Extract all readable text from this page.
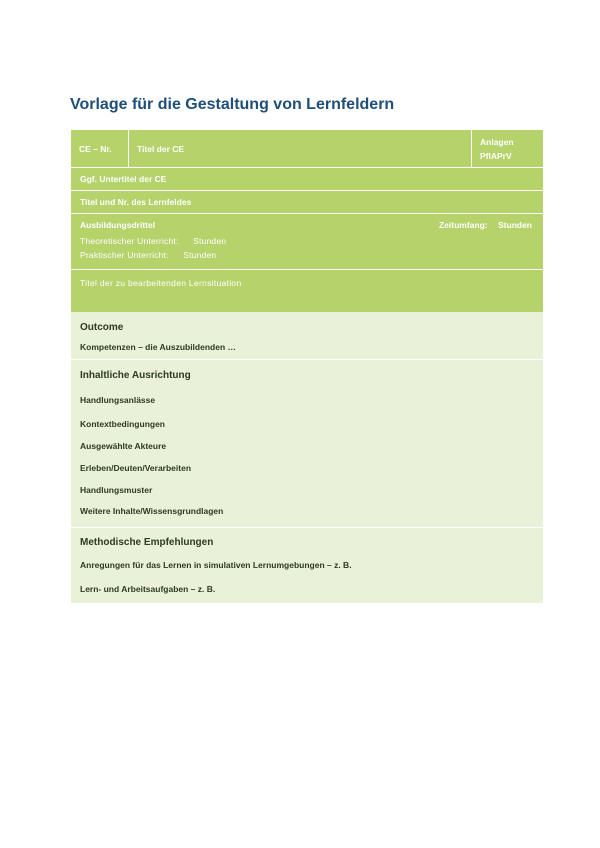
Vorlage für die Gestaltung von Lernfeldern
CE – Nr.	Titel der CE
Anlagen
PflAPrV
Ggf. Untertitel der CE
Titel und Nr. des Lernfeldes
Ausbildungsdrittel	Zeitumfang: Stunden
Theoretischer Unterricht: Stunden
Praktischer Unterricht: Stunden
Titel der zu bearbeitenden Lernsituation
Outcome
Kompetenzen – die Auszubildenden …
Inhaltliche Ausrichtung
Handlungsanlässe
Kontextbedingungen
Ausgewählte Akteure
Erleben/Deuten/Verarbeiten
Handlungsmuster
Weitere Inhalte/Wissensgrundlagen
Methodische Empfehlungen
Anregungen für das Lernen in simulativen Lernumgebungen – z. B.
Lern- und Arbeitsaufgaben – z. B.
